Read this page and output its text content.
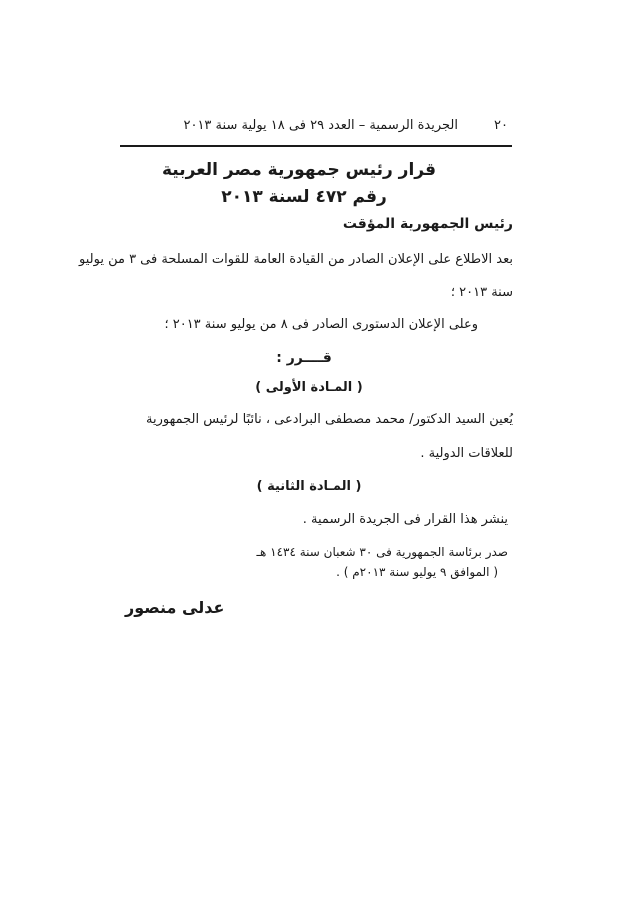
٢٠
الجريدة الرسمية – العدد ٢٩ فى ١٨ يولية سنة ٢٠١٣
قرار رئيس جمهورية مصر العربية
رقم ٤٧٢ لسنة ٢٠١٣
رئيس الجمهورية المؤقت
بعد الاطلاع على الإعلان الصادر من القيادة العامة للقوات المسلحة فى ٣ من يوليو
سنة ٢٠١٣ ؛
وعلى الإعلان الدستورى الصادر فى ٨ من يوليو سنة ٢٠١٣ ؛
قــــرر :
( المـادة الأولى )
يُعين السيد الدكتور/ محمد مصطفى البرادعى ، نائبًا لرئيس الجمهورية
للعلاقات الدولية .
( المـادة الثانية )
ينشر هذا القرار فى الجريدة الرسمية .
صدر برئاسة الجمهورية فى ٣٠ شعبان سنة ١٤٣٤ هـ
( الموافق ٩ يوليو سنة ٢٠١٣م ) .
عدلى منصور
